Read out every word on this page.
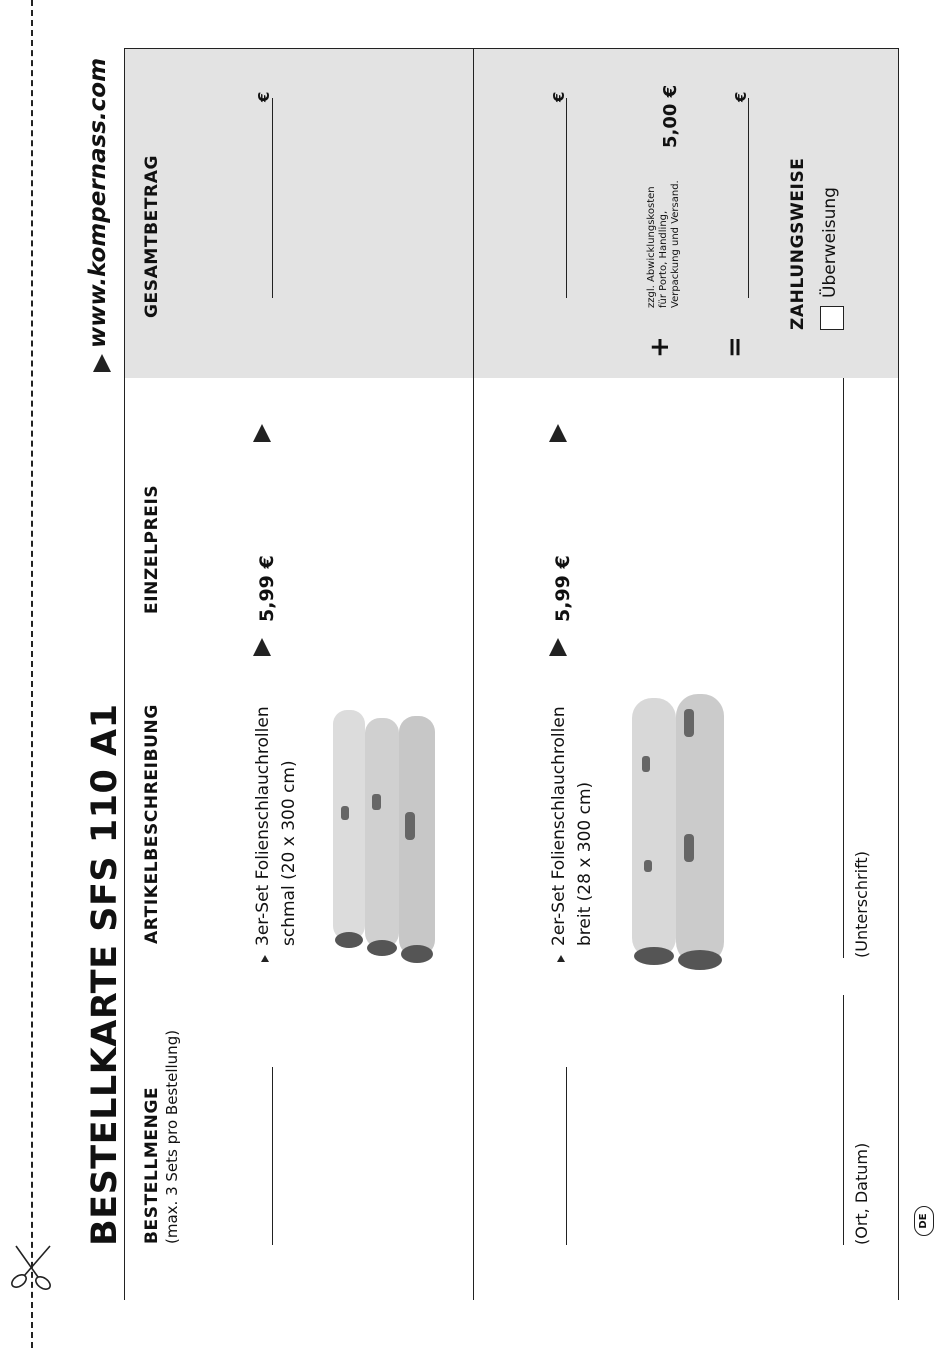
BESTELLKARTE SFS 110 A1
www.kompernass.com
BESTELLMENGE (max. 3 Sets pro Bestellung)
ARTIKELBESCHREIBUNG
EINZELPREIS
GESAMTBETRAG
3er-Set Folienschlauchrollen
schmal (20 x 300 cm)
5,99 €
€
2er-Set Folienschlauchrollen
breit (28 x 300 cm)
5,99 €
€
+
zzgl. Abwicklungskosten
für Porto, Handling,
Verpackung und Versand.
5,00 €
=
€
ZAHLUNGSWEISE Überweisung
(Ort, Datum)
(Unterschrift)
DE
